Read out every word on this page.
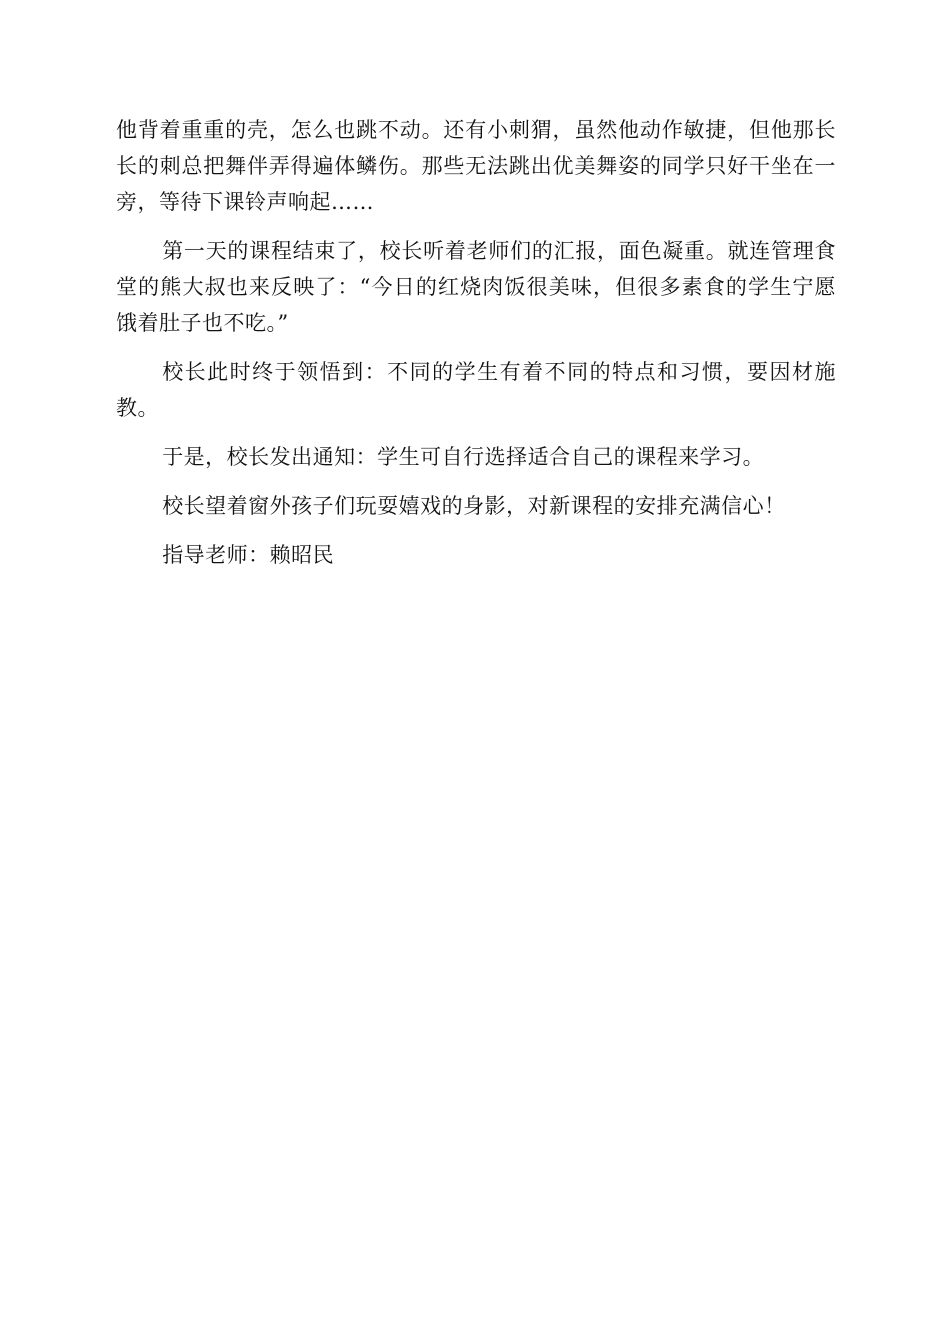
他背着重重的壳，怎么也跳不动。还有小刺猬，虽然他动作敏捷，但他那长长的刺总把舞伴弄得遍体鳞伤。那些无法跳出优美舞姿的同学只好干坐在一旁，等待下课铃声响起……

第一天的课程结束了，校长听着老师们的汇报，面色凝重。就连管理食堂的熊大叔也来反映了：“今日的红烧肉饭很美味，但很多素食的学生宁愿饿着肚子也不吃。”

校长此时终于领悟到：不同的学生有着不同的特点和习惯，要因材施教。

于是，校长发出通知：学生可自行选择适合自己的课程来学习。

校长望着窗外孩子们玩耍嬉戏的身影，对新课程的安排充满信心！

指导老师：赖昭民
